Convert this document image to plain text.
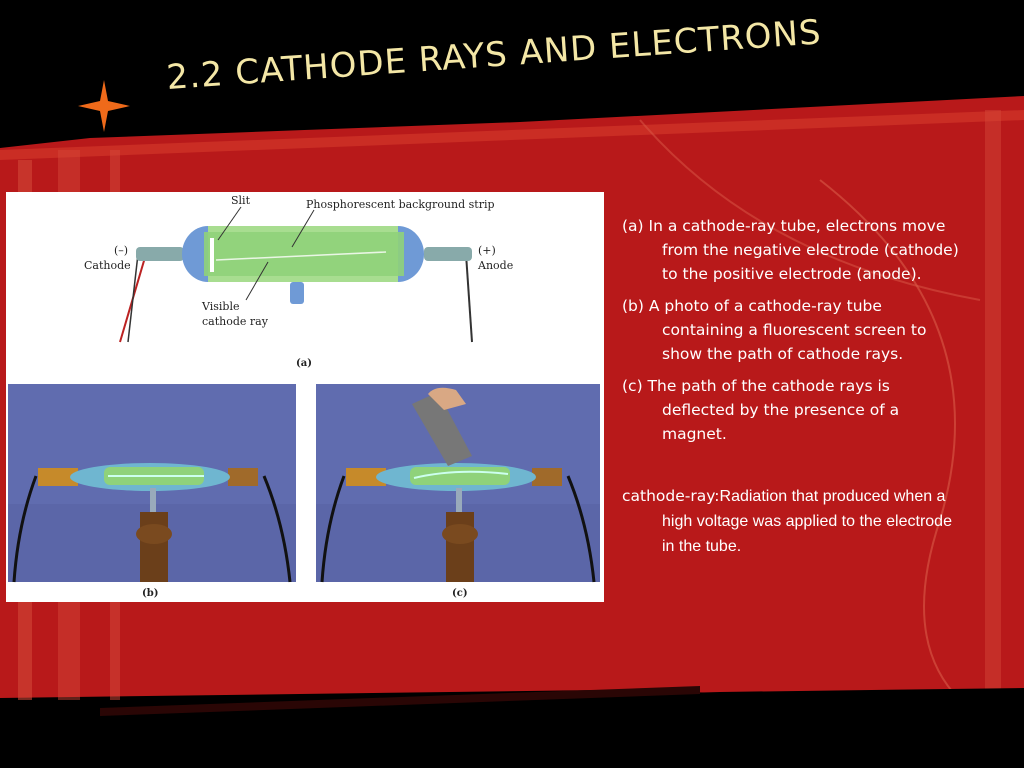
2.2 CATHODE RAYS AND ELECTRONS
Slit	Phosphorescent background strip
(–)
Cathode
(+)
Anode
Visible
cathode ray
(a)
(b)	(c)

(a) In a cathode-ray tube, electrons move from the negative electrode (cathode) to the positive electrode (anode).

(b) A photo of a cathode-ray tube containing a fluorescent screen to show the path of cathode rays.

(c) The path of the cathode rays is deflected by the presence of a magnet.

cathode-ray:Radiation that produced when a high voltage was applied to the electrode in the tube.
